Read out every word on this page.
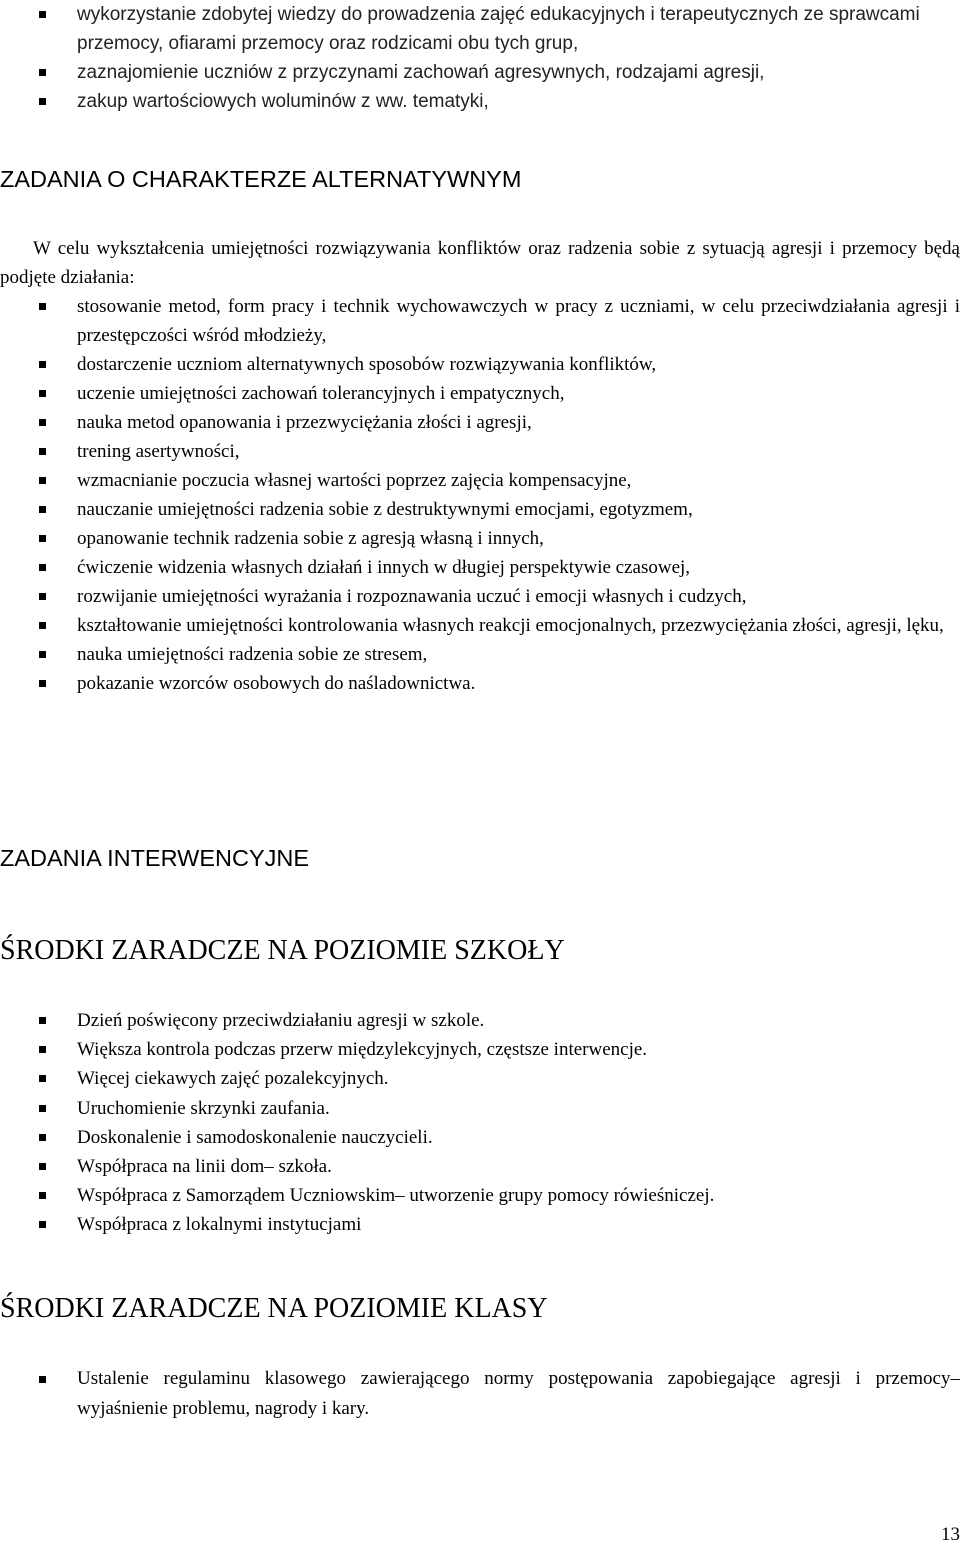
wykorzystanie zdobytej wiedzy do prowadzenia zajęć edukacyjnych i terapeutycznych ze sprawcami przemocy, ofiarami przemocy oraz rodzicami obu tych grup,
zaznajomienie uczniów z przyczynami zachowań agresywnych, rodzajami agresji,
zakup wartościowych woluminów z ww. tematyki,
ZADANIA O CHARAKTERZE ALTERNATYWNYM

W celu wykształcenia umiejętności rozwiązywania konfliktów oraz radzenia sobie z sytuacją agresji i przemocy będą podjęte działania:

stosowanie metod, form pracy i technik wychowawczych w pracy z uczniami, w celu przeciwdziałania agresji i przestępczości wśród młodzieży,
dostarczenie uczniom alternatywnych sposobów rozwiązywania konfliktów,
uczenie umiejętności zachowań tolerancyjnych i empatycznych,
nauka metod opanowania i przezwyciężania złości i agresji,
trening asertywności,
wzmacnianie poczucia własnej wartości poprzez zajęcia kompensacyjne,
nauczanie umiejętności radzenia sobie z destruktywnymi emocjami, egotyzmem,
opanowanie technik radzenia sobie z agresją własną i innych,
ćwiczenie widzenia własnych działań i innych w długiej perspektywie czasowej,
rozwijanie umiejętności wyrażania i rozpoznawania uczuć i emocji własnych i cudzych,
kształtowanie umiejętności kontrolowania własnych reakcji emocjonalnych, przezwyciężania złości, agresji, lęku,
nauka umiejętności radzenia sobie ze stresem,
pokazanie wzorców osobowych do naśladownictwa.
ZADANIA INTERWENCYJNE
ŚRODKI ZARADCZE NA POZIOMIE SZKOŁY
Dzień poświęcony przeciwdziałaniu agresji w szkole.
Większa kontrola podczas przerw międzylekcyjnych, częstsze interwencje.
Więcej ciekawych zajęć pozalekcyjnych.
Uruchomienie skrzynki zaufania.
Doskonalenie i samodoskonalenie nauczycieli.
Współpraca na linii dom– szkoła.
Współpraca z Samorządem Uczniowskim– utworzenie grupy pomocy rówieśniczej.
Współpraca z lokalnymi instytucjami
ŚRODKI ZARADCZE NA POZIOMIE KLASY
Ustalenie regulaminu klasowego zawierającego normy postępowania zapobiegające agresji i przemocy– wyjaśnienie problemu, nagrody i kary.
13
